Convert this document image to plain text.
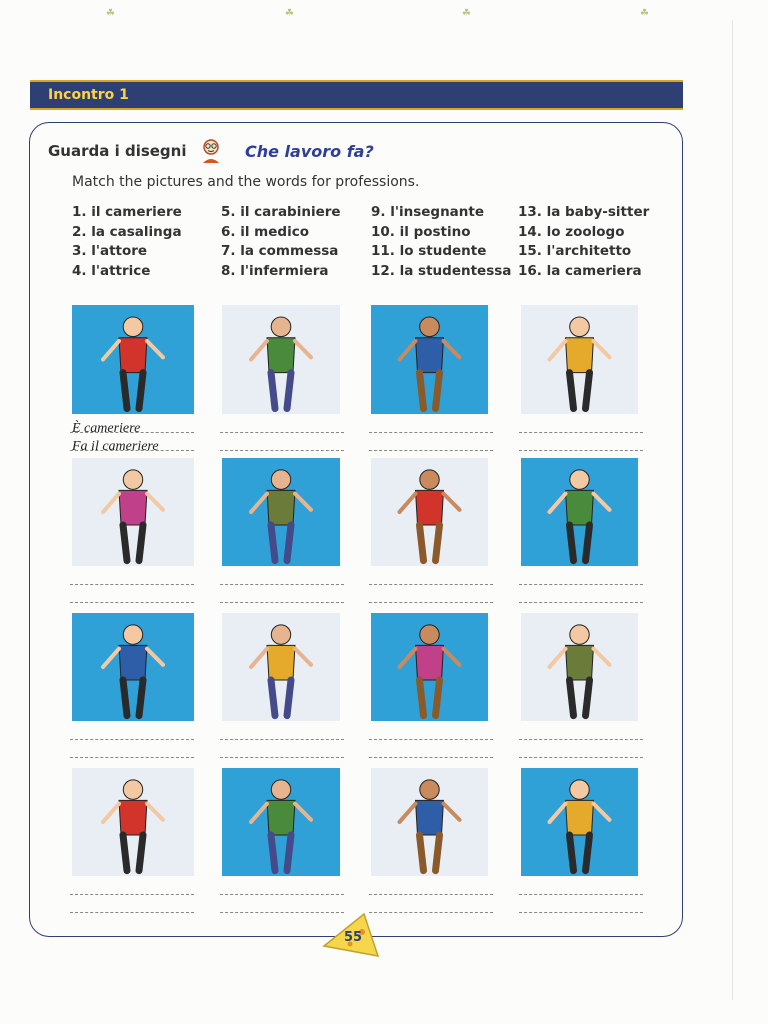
☘	☘	☘	☘
Incontro 1
Guarda i disegni	Che lavoro fa?
Match the pictures and the words for professions.
1. il cameriere
2. la casalinga
3. l'attore
4. l'attrice
5. il carabiniere
6. il medico
7. la commessa
8. l'infermiera
9. l'insegnante
10. il postino
11. lo studente
12. la studentessa
13. la baby-sitter
14. lo zoologo
15. l'architetto
16. la cameriera
È cameriere
Fa il cameriere
55
